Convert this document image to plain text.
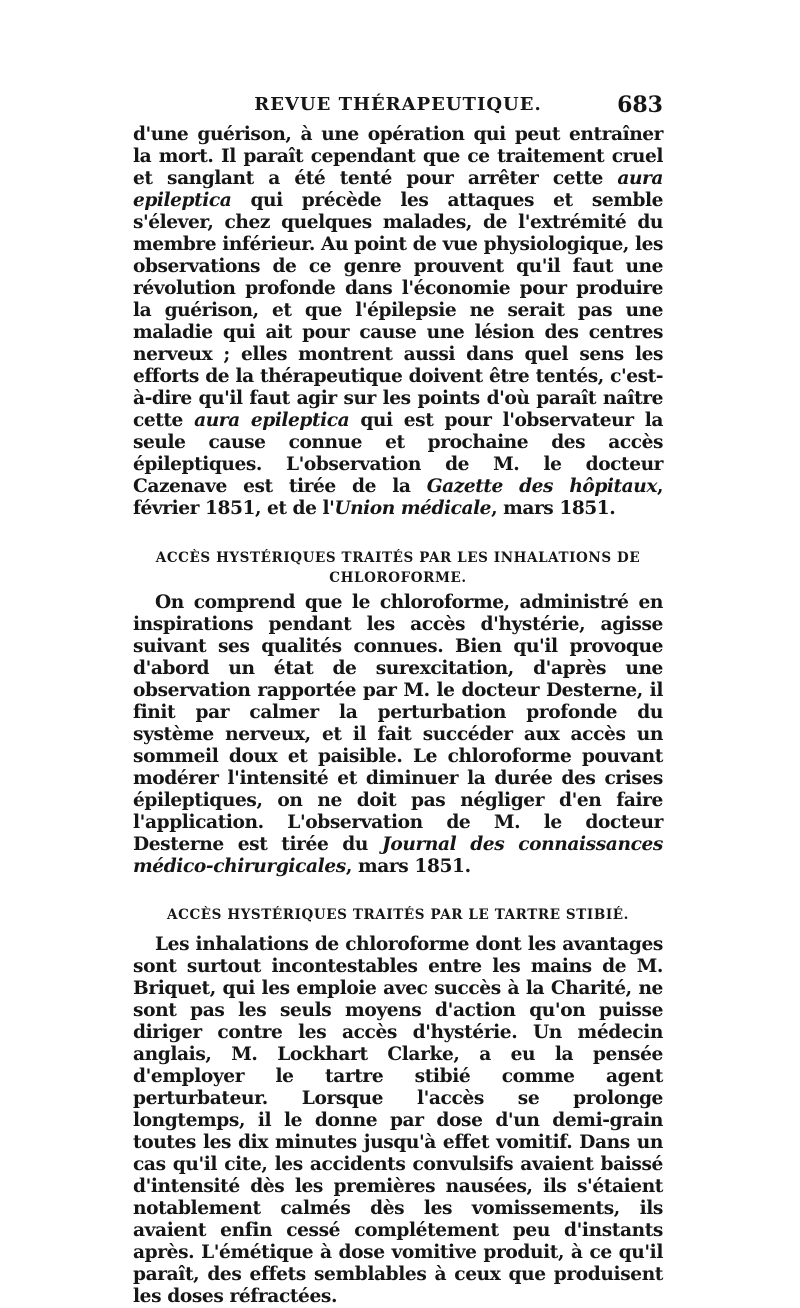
REVUE THÉRAPEUTIQUE.	683

d'une guérison, à une opération qui peut entraîner la mort. Il paraît cependant que ce traitement cruel et sanglant a été tenté pour arrêter cette aura epileptica qui précède les attaques et semble s'élever, chez quelques malades, de l'extrémité du membre inférieur. Au point de vue physiologique, les observations de ce genre prouvent qu'il faut une révolution profonde dans l'économie pour produire la guérison, et que l'épilepsie ne serait pas une maladie qui ait pour cause une lésion des centres nerveux ; elles montrent aussi dans quel sens les efforts de la thérapeutique doivent être tentés, c'est-à-dire qu'il faut agir sur les points d'où paraît naître cette aura epileptica qui est pour l'observateur la seule cause connue et prochaine des accès épileptiques. L'observation de M. le docteur Cazenave est tirée de la Gazette des hôpitaux, février 1851, et de l'Union médicale, mars 1851.

ACCÈS HYSTÉRIQUES TRAITÉS PAR LES INHALATIONS DE CHLOROFORME.

On comprend que le chloroforme, administré en inspirations pendant les accès d'hystérie, agisse suivant ses qualités connues. Bien qu'il provoque d'abord un état de surexcitation, d'après une observation rapportée par M. le docteur Desterne, il finit par calmer la perturbation profonde du système nerveux, et il fait succéder aux accès un sommeil doux et paisible. Le chloroforme pouvant modérer l'intensité et diminuer la durée des crises épileptiques, on ne doit pas négliger d'en faire l'application. L'observation de M. le docteur Desterne est tirée du Journal des connaissances médico-chirurgicales, mars 1851.

ACCÈS HYSTÉRIQUES TRAITÉS PAR LE TARTRE STIBIÉ.

Les inhalations de chloroforme dont les avantages sont surtout incontestables entre les mains de M. Briquet, qui les emploie avec succès à la Charité, ne sont pas les seuls moyens d'action qu'on puisse diriger contre les accès d'hystérie. Un médecin anglais, M. Lockhart Clarke, a eu la pensée d'employer le tartre stibié comme agent perturbateur. Lorsque l'accès se prolonge longtemps, il le donne par dose d'un demi-grain toutes les dix minutes jusqu'à effet vomitif. Dans un cas qu'il cite, les accidents convulsifs avaient baissé d'intensité dès les premières nausées, ils s'étaient notablement calmés dès les vomissements, ils avaient enfin cessé complétement peu d'instants après. L'émétique à dose vomitive produit, à ce qu'il paraît, des effets semblables à ceux que produisent les doses réfractées.
